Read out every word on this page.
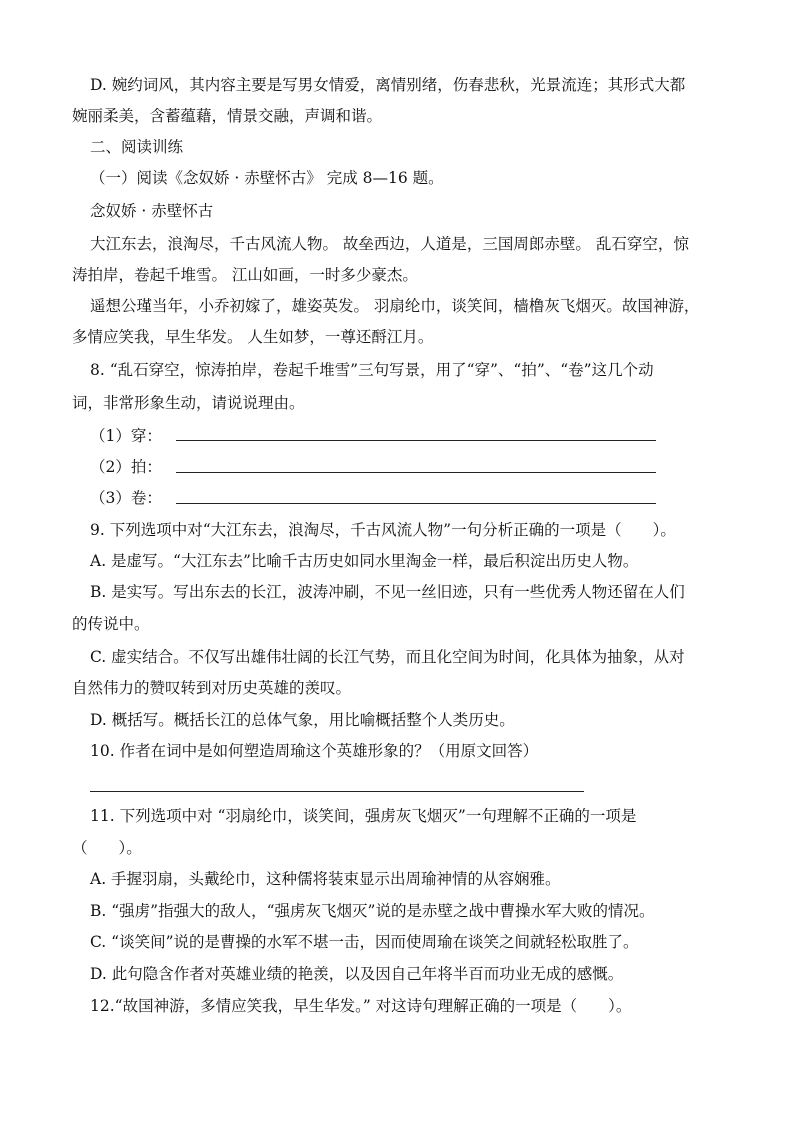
D. 婉约词风，其内容主要是写男女情爱，离情别绪，伤春悲秋，光景流连；其形式大都
婉丽柔美，含蓄蕴藉，情景交融，声调和谐。
二、阅读训练
（一）阅读《念奴娇 · 赤壁怀古》 完成 8—16 题。
念奴娇 · 赤壁怀古
大江东去，浪淘尽，千古风流人物。 故垒西边，人道是，三国周郎赤壁。 乱石穿空，惊
涛拍岸，卷起千堆雪。 江山如画，一时多少豪杰。
遥想公瑾当年，小乔初嫁了，雄姿英发。 羽扇纶巾，谈笑间，樯橹灰飞烟灭。故国神游，
多情应笑我，早生华发。 人生如梦，一尊还酹江月。
8. “乱石穿空，惊涛拍岸，卷起千堆雪”三句写景，用了“穿”、“拍”、“卷”这几个动
词，非常形象生动，请说说理由。
（1）穿：
（2）拍：
（3）卷：
9. 下列选项中对“大江东去，浪淘尽，千古风流人物”一句分析正确的一项是（　　）。
A. 是虚写。“大江东去”比喻千古历史如同水里淘金一样，最后积淀出历史人物。
B. 是实写。写出东去的长江，波涛冲刷，不见一丝旧迹，只有一些优秀人物还留在人们
的传说中。
C. 虚实结合。不仅写出雄伟壮阔的长江气势，而且化空间为时间，化具体为抽象，从对
自然伟力的赞叹转到对历史英雄的羡叹。
D. 概括写。概括长江的总体气象，用比喻概括整个人类历史。
10. 作者在词中是如何塑造周瑜这个英雄形象的？（用原文回答）
11. 下列选项中对 “羽扇纶巾，谈笑间，强虏灰飞烟灭”一句理解不正确的一项是
（　　）。
A. 手握羽扇，头戴纶巾，这种儒将装束显示出周瑜神情的从容娴雅。
B. “强虏”指强大的敌人，“强虏灰飞烟灭”说的是赤壁之战中曹操水军大败的情况。
C. “谈笑间”说的是曹操的水军不堪一击，因而使周瑜在谈笑之间就轻松取胜了。
D. 此句隐含作者对英雄业绩的艳羡，以及因自己年将半百而功业无成的感慨。
12.“故国神游，多情应笑我，早生华发。” 对这诗句理解正确的一项是（　　）。
